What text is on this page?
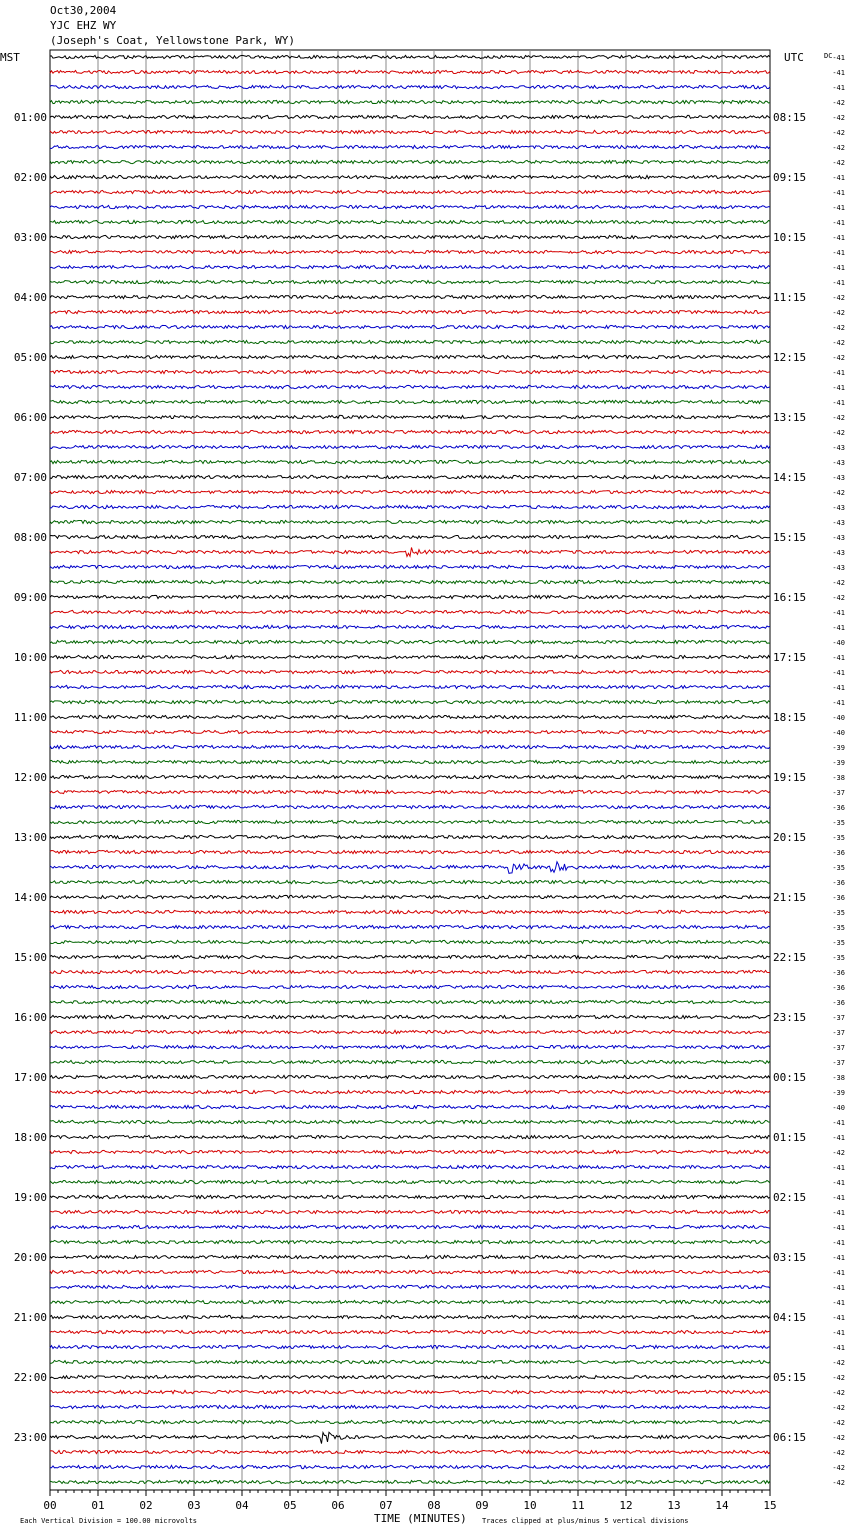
Oct30,2004
YJC EHZ WY
(Joseph's Coat, Yellowstone Park, WY)
00	01	02	03	04	05	06	07	08	09	10	11	12	13	14	15
-41
-41
-41
-42
-42
-42
-42
-42
-41
-41
-41
-41
-41
-41
-41
-41
-42
-42
-42
-42
-42
-41
-41
-41
-42
-42
-43
-43
-43
-42
-43
-43
-43
-43
-43
-42
-42
-41
-41
-40
-41
-41
-41
-41
-40
-40
-39
-39
-38
-37
-36
-35
-35
-36
-35
-36
-36
-35
-35
-35
-35
-36
-36
-36
-37
-37
-37
-37
-38
-39
-40
-41
-41
-42
-41
-41
-41
-41
-41
-41
-41
-41
-41
-41
-41
-41
-41
-42
-42
-42
-42
-42
-42
-42
-42
-42
01:00
02:00
03:00
04:00
05:00
06:00
07:00
08:00
09:00
10:00
11:00
12:00
13:00
14:00
15:00
16:00
17:00
18:00
19:00
20:00
21:00
22:00
23:00
08:15
09:15
10:15
11:15
12:15
13:15
14:15
15:15
16:15
17:15
18:15
19:15
20:15
21:15
22:15
23:15
00:15
01:15
02:15
03:15
04:15
05:15
06:15
MST	UTC	DC
TIME (MINUTES)
Each Vertical Division = 100.00 microvolts	Traces clipped at plus/minus 5 vertical divisions
